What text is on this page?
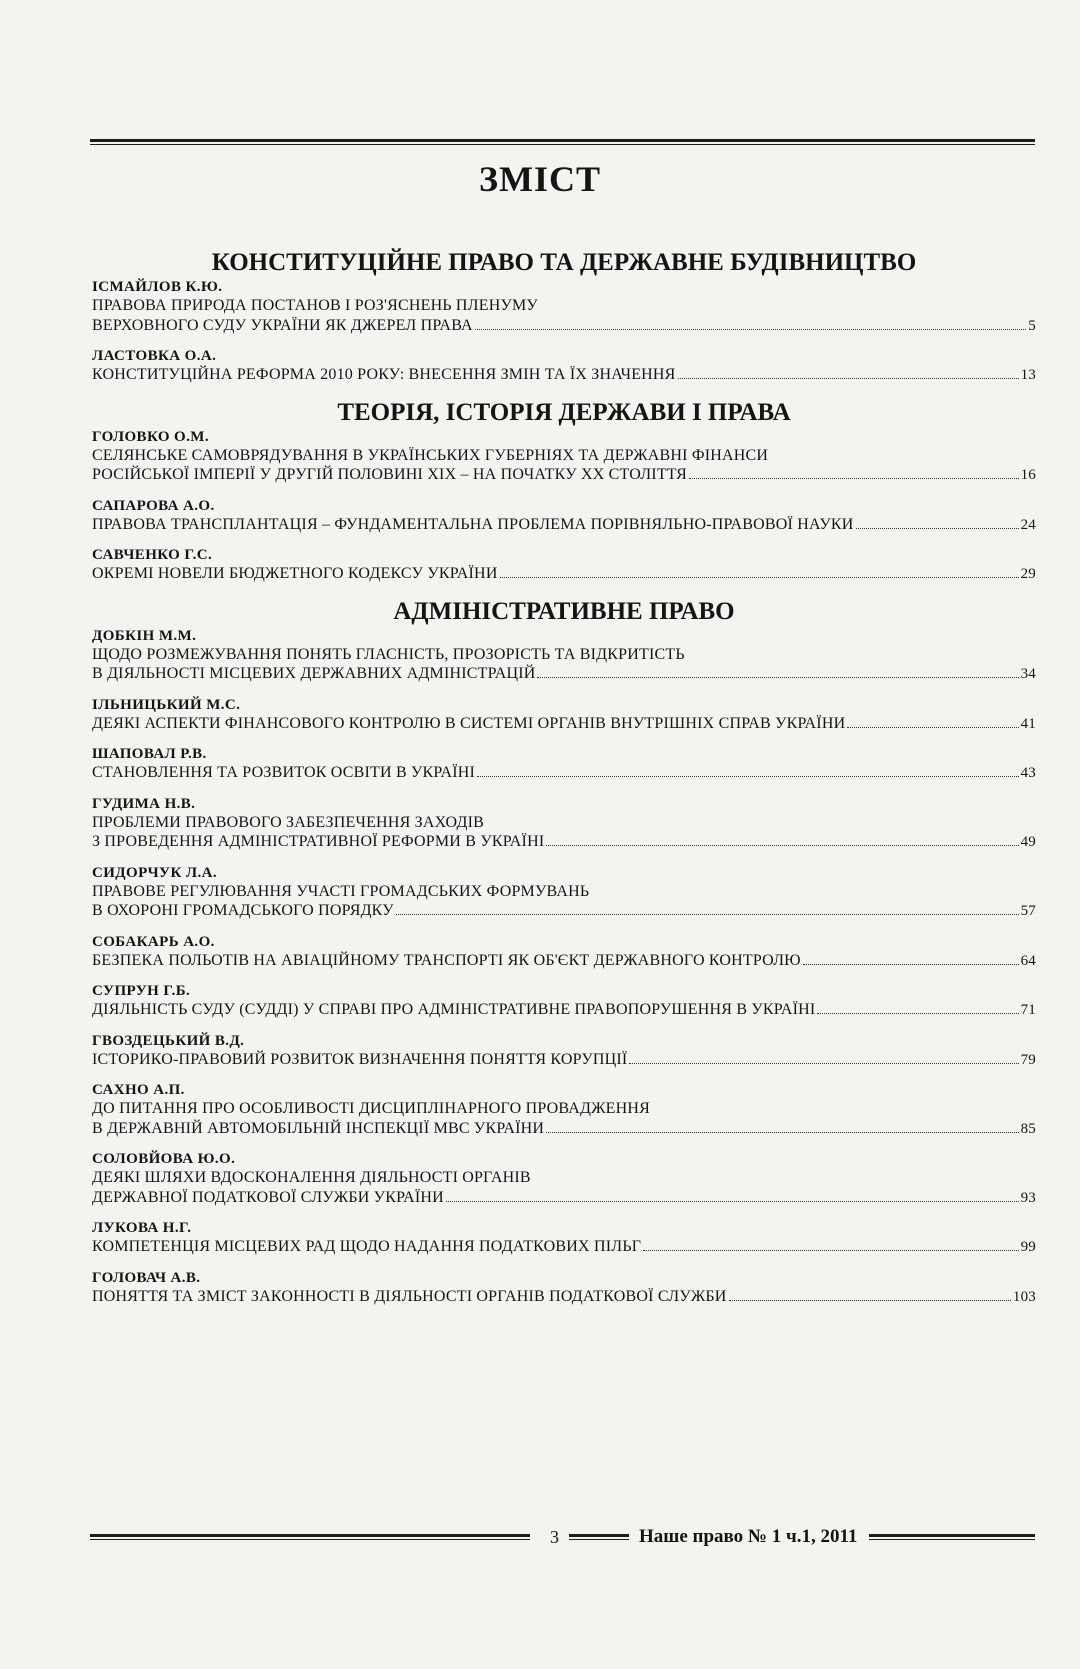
ЗМІСТ
КОНСТИТУЦІЙНЕ ПРАВО ТА ДЕРЖАВНЕ БУДІВНИЦТВО
ІСМАЙЛОВ К.Ю.
ПРАВОВА ПРИРОДА ПОСТАНОВ І РОЗ'ЯСНЕНЬ ПЛЕНУМУ
ВЕРХОВНОГО СУДУ УКРАЇНИ ЯК ДЖЕРЕЛ ПРАВА	5
ЛАСТОВКА О.А.
КОНСТИТУЦІЙНА РЕФОРМА 2010 РОКУ: ВНЕСЕННЯ ЗМІН ТА ЇХ ЗНАЧЕННЯ	13
ТЕОРІЯ, ІСТОРІЯ ДЕРЖАВИ І ПРАВА
ГОЛОВКО О.М.
СЕЛЯНСЬКЕ САМОВРЯДУВАННЯ В УКРАЇНСЬКИХ ГУБЕРНІЯХ ТА ДЕРЖАВНІ ФІНАНСИ
РОСІЙСЬКОЇ ІМПЕРІЇ У ДРУГІЙ ПОЛОВИНІ XIX – НА ПОЧАТКУ XX СТОЛІТТЯ	16
САПАРОВА А.О.
ПРАВОВА ТРАНСПЛАНТАЦІЯ – ФУНДАМЕНТАЛЬНА ПРОБЛЕМА ПОРІВНЯЛЬНО-ПРАВОВОЇ НАУКИ	24
САВЧЕНКО Г.С.
ОКРЕМІ НОВЕЛИ БЮДЖЕТНОГО КОДЕКСУ УКРАЇНИ	29
АДМІНІСТРАТИВНЕ ПРАВО
ДОБКІН М.М.
ЩОДО РОЗМЕЖУВАННЯ ПОНЯТЬ ГЛАСНІСТЬ, ПРОЗОРІСТЬ ТА ВІДКРИТІСТЬ
В ДІЯЛЬНОСТІ МІСЦЕВИХ ДЕРЖАВНИХ АДМІНІСТРАЦІЙ	34
ІЛЬНИЦЬКИЙ М.С.
ДЕЯКІ АСПЕКТИ ФІНАНСОВОГО КОНТРОЛЮ В СИСТЕМІ ОРГАНІВ ВНУТРІШНІХ СПРАВ УКРАЇНИ	41
ШАПОВАЛ Р.В.
СТАНОВЛЕННЯ ТА РОЗВИТОК ОСВІТИ В УКРАЇНІ	43
ГУДИМА Н.В.
ПРОБЛЕМИ ПРАВОВОГО ЗАБЕЗПЕЧЕННЯ ЗАХОДІВ
З ПРОВЕДЕННЯ АДМІНІСТРАТИВНОЇ РЕФОРМИ В УКРАЇНІ	49
СИДОРЧУК Л.А.
ПРАВОВЕ РЕГУЛЮВАННЯ УЧАСТІ ГРОМАДСЬКИХ ФОРМУВАНЬ
В ОХОРОНІ ГРОМАДСЬКОГО ПОРЯДКУ	57
СОБАКАРЬ А.О.
БЕЗПЕКА ПОЛЬОТІВ НА АВІАЦІЙНОМУ ТРАНСПОРТІ ЯК ОБ'ЄКТ ДЕРЖАВНОГО КОНТРОЛЮ	64
СУПРУН Г.Б.
ДІЯЛЬНІСТЬ СУДУ (СУДДІ) У СПРАВІ ПРО АДМІНІСТРАТИВНЕ ПРАВОПОРУШЕННЯ В УКРАЇНІ	71
ГВОЗДЕЦЬКИЙ В.Д.
ІСТОРИКО-ПРАВОВИЙ РОЗВИТОК ВИЗНАЧЕННЯ ПОНЯТТЯ КОРУПЦІЇ	79
САХНО А.П.
ДО ПИТАННЯ ПРО ОСОБЛИВОСТІ ДИСЦИПЛІНАРНОГО ПРОВАДЖЕННЯ
В ДЕРЖАВНІЙ АВТОМОБІЛЬНІЙ ІНСПЕКЦІЇ МВС УКРАЇНИ	85
СОЛОВЙОВА Ю.О.
ДЕЯКІ ШЛЯХИ ВДОСКОНАЛЕННЯ ДІЯЛЬНОСТІ ОРГАНІВ
ДЕРЖАВНОЇ ПОДАТКОВОЇ СЛУЖБИ УКРАЇНИ	93
ЛУКОВА Н.Г.
КОМПЕТЕНЦІЯ МІСЦЕВИХ РАД ЩОДО НАДАННЯ ПОДАТКОВИХ ПІЛЬГ	99
ГОЛОВАЧ А.В.
ПОНЯТТЯ ТА ЗМІСТ ЗАКОННОСТІ В ДІЯЛЬНОСТІ ОРГАНІВ ПОДАТКОВОЇ СЛУЖБИ	103
3	Наше право № 1 ч.1, 2011
